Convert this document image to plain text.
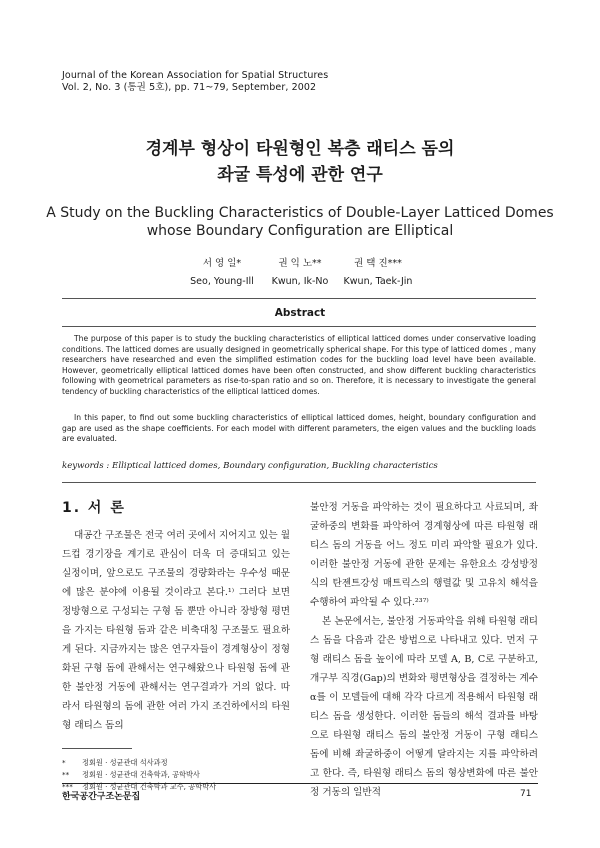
Journal of the Korean Association for Spatial Structures
Vol. 2, No. 3 (통권 5호), pp. 71~79, September, 2002
경계부 형상이 타원형인 복층 래티스 돔의
좌굴 특성에 관한 연구
A Study on the Buckling Characteristics of Double-Layer Latticed Domes
whose Boundary Configuration are Elliptical
서 영 일*
Seo, Young-Ill
권 익 노**
Kwun, Ik-No
권 택 진***
Kwun, Taek-Jin
Abstract
The purpose of this paper is to study the buckling characteristics of elliptical latticed domes under conservative loading conditions. The latticed domes are usually designed in geometrically spherical shape. For this type of latticed domes , many researchers have researched and even the simplified estimation codes for the buckling load level have been available. However, geometrically elliptical latticed domes have been often constructed, and show different buckling characteristics following with geometrical parameters as rise-to-span ratio and so on. Therefore, it is necessary to investigate the general tendency of buckling characteristics of the elliptical latticed domes.
In this paper, to find out some buckling characteristics of elliptical latticed domes, height, boundary configuration and gap are used as the shape coefficients. For each model with different parameters, the eigen values and the buckling loads are evaluated.
keywords : Elliptical latticed domes, Boundary configuration, Buckling characteristics
1. 서 론

대공간 구조물은 전국 여러 곳에서 지어지고 있는 월드컵 경기장을 계기로 관심이 더욱 더 증대되고 있는 실정이며, 앞으로도 구조물의 경량화라는 우수성 때문에 많은 분야에 이용될 것이라고 본다.¹⁾ 그러다 보면 정방형으로 구성되는 구형 돔 뿐만 아니라 장방형 평면을 가지는 타원형 돔과 같은 비축대칭 구조물도 필요하게 된다. 지금까지는 많은 연구자들이 경계형상이 정형화된 구형 돔에 관해서는 연구해왔으나 타원형 돔에 관한 불안정 거동에 관해서는 연구결과가 거의 없다. 따라서 타원형의 돔에 관한 여러 가지 조건하에서의 타원형 래티스 돔의

불안정 거동을 파악하는 것이 필요하다고 사료되며, 좌굴하중의 변화를 파악하여 경계형상에 따른 타원형 래티스 돔의 거동을 어느 정도 미리 파악할 필요가 있다. 이러한 불안정 거동에 관한 문제는 유한요소 강성방정식의 탄젠트강성 매트릭스의 행렬값 및 고유치 해석을 수행하여 파악될 수 있다.²³⁷⁾

본 논문에서는, 불안정 거동파악을 위해 타원형 래티스 돔을 다음과 같은 방법으로 나타내고 있다. 먼저 구형 래티스 돔을 높이에 따라 모델 A, B, C로 구분하고, 개구부 직경(Gap)의 변화와 평면형상을 결정하는 계수 α를 이 모델들에 대해 각각 다르게 적용해서 타원형 래티스 돔을 생성한다. 이러한 돔들의 해석 결과를 바탕으로 타원형 래티스 돔의 불안정 거동이 구형 래티스 돔에 비해 좌굴하중이 어떻게 달라지는 지를 파악하려고 한다. 즉, 타원형 래티스 돔의 형상변화에 따른 불안정 거동의 일반적

* 정회원 · 성균관대 석사과정
** 정회원 · 성균관대 건축학과, 공학박사
*** 정회원 · 성균관대 건축학과 교수, 공학박사
한국공간구조논문집	71
